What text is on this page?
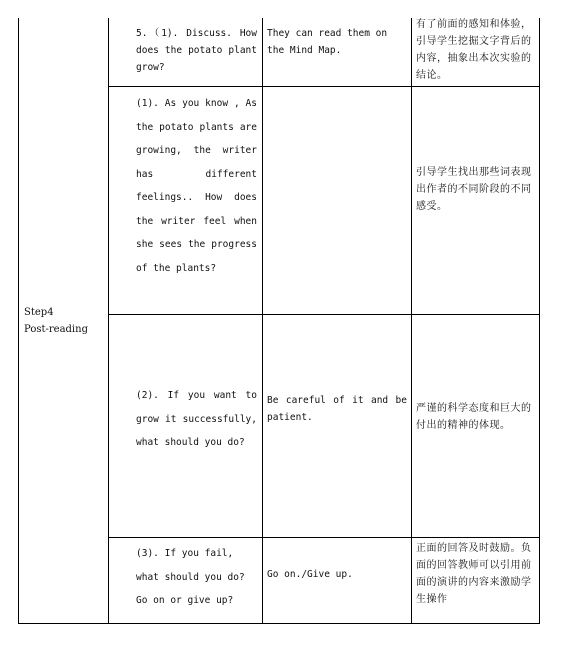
Step4
Post-reading
5.（1). Discuss. How does the potato plant grow?
They can read them on the Mind Map.
有了前面的感知和体验，引导学生挖掘文字背后的内容，抽象出本次实验的结论。
(1). As you know , As the potato plants are growing, the writer has different feelings.. How does the writer feel when she sees the progress of the plants?
引导学生找出那些词表现出作者的不同阶段的不同感受。
(2). If you want to grow it successfully, what should you do?
Be careful of it and be patient.
严谨的科学态度和巨大的付出的精神的体现。
(3). If you fail, what should you do? Go on or give up?
Go on./Give up.
正面的回答及时鼓励。负面的回答教师可以引用前面的演讲的内容来激励学生操作
